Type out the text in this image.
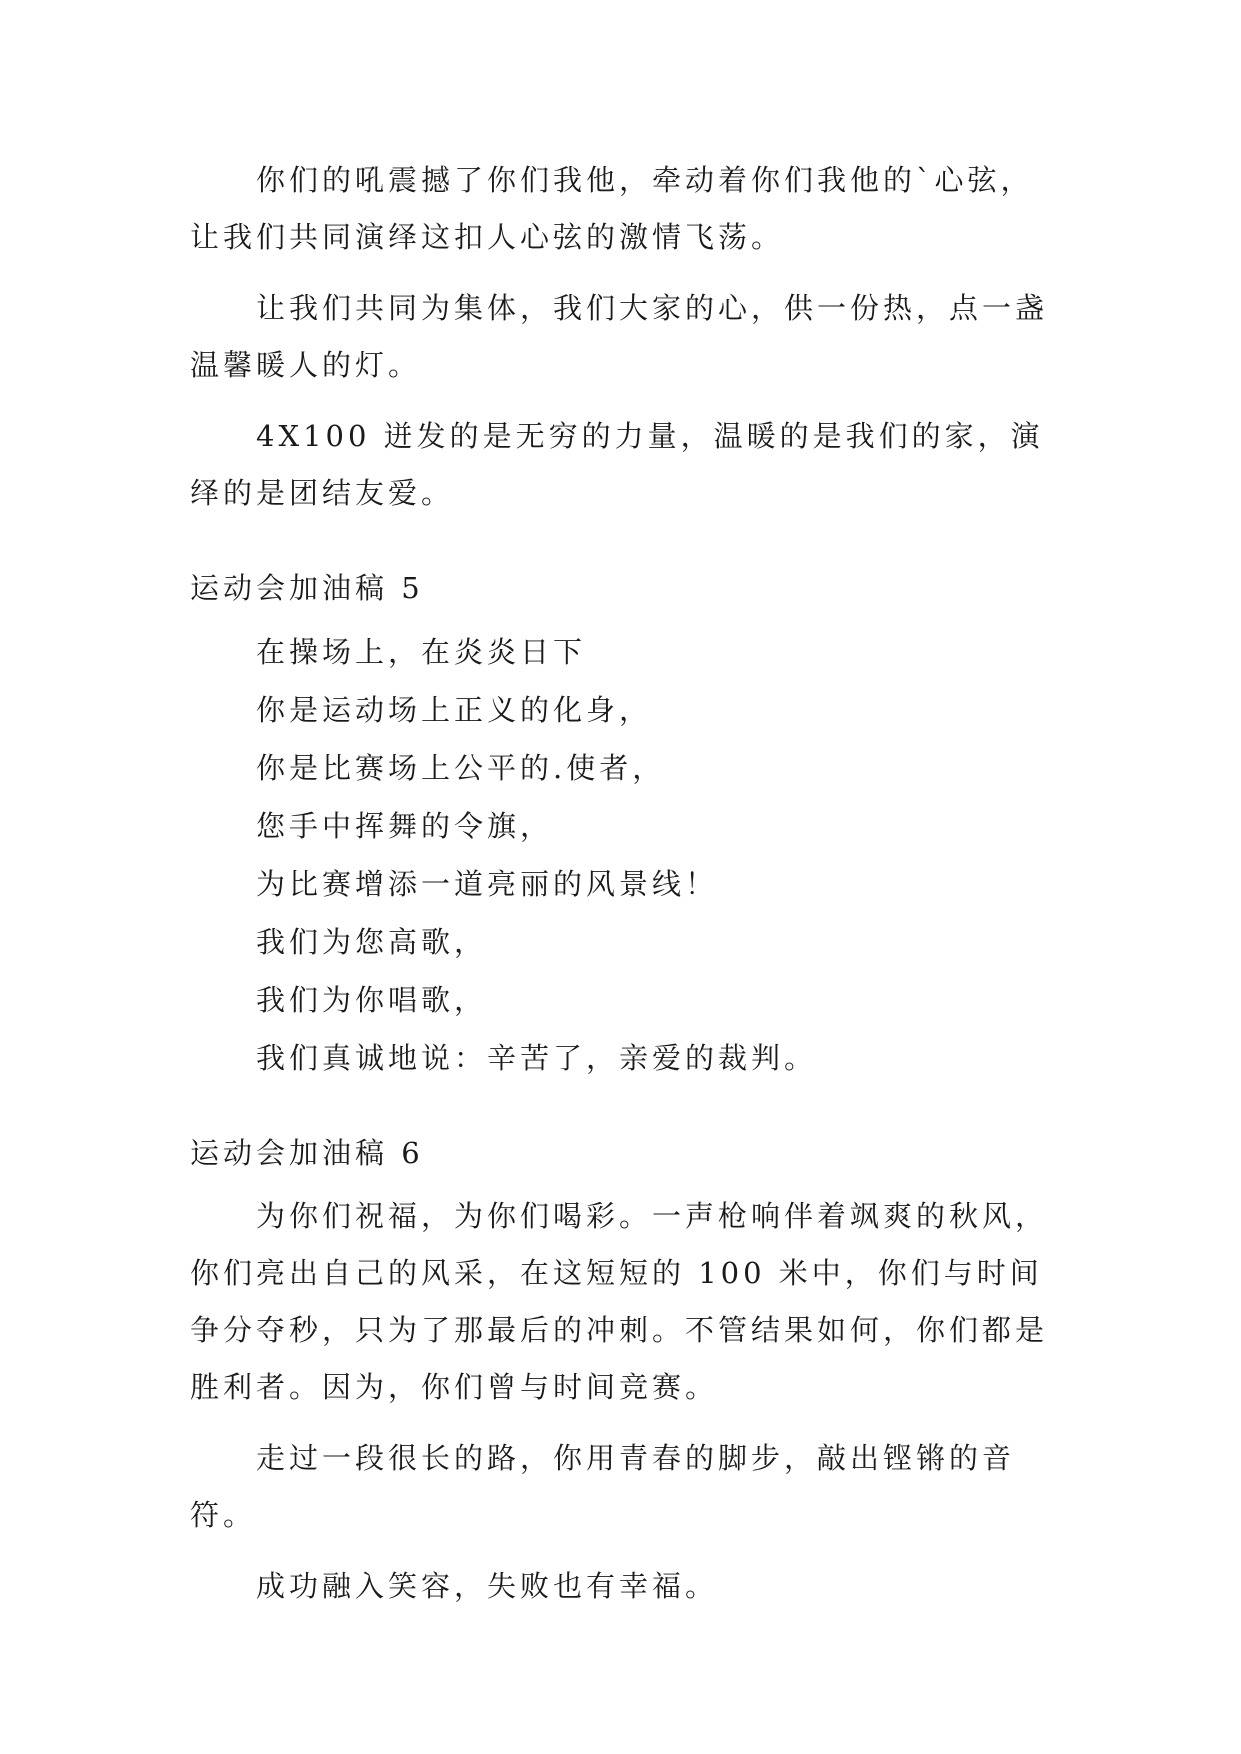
你们的吼震撼了你们我他，牵动着你们我他的`心弦，让我们共同演绎这扣人心弦的激情飞荡。

让我们共同为集体，我们大家的心，供一份热，点一盏温馨暖人的灯。

4X100 迸发的是无穷的力量，温暖的是我们的家，演绎的是团结友爱。

运动会加油稿 5
在操场上，在炎炎日下
你是运动场上正义的化身，
你是比赛场上公平的.使者，
您手中挥舞的令旗，
为比赛增添一道亮丽的风景线！
我们为您高歌，
我们为你唱歌，
我们真诚地说：辛苦了，亲爱的裁判。
运动会加油稿 6

为你们祝福，为你们喝彩。一声枪响伴着飒爽的秋风，你们亮出自己的风采，在这短短的 100 米中，你们与时间争分夺秒，只为了那最后的冲刺。不管结果如何，你们都是胜利者。因为，你们曾与时间竞赛。

走过一段很长的路，你用青春的脚步，敲出铿锵的音符。

成功融入笑容，失败也有幸福。
